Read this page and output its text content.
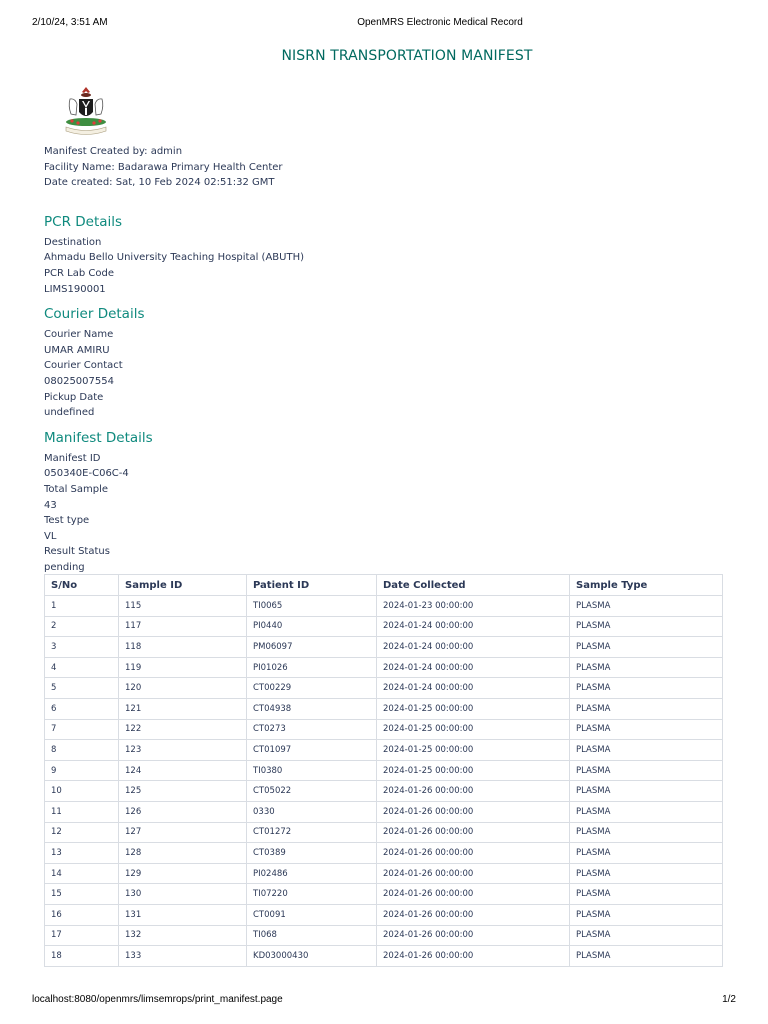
2/10/24, 3:51 AM	OpenMRS Electronic Medical Record
NISRN TRANSPORTATION MANIFEST
Manifest Created by: admin
Facility Name: Badarawa Primary Health Center
Date created: Sat, 10 Feb 2024 02:51:32 GMT
PCR Details
Destination
Ahmadu Bello University Teaching Hospital (ABUTH)
PCR Lab Code
LIMS190001
Courier Details
Courier Name
UMAR AMIRU
Courier Contact
08025007554
Pickup Date
undefined
Manifest Details
Manifest ID
050340E-C06C-4
Total Sample
43
Test type
VL
Result Status
pending
S/No	Sample ID	Patient ID	Date Collected	Sample Type
1	115	TI0065	2024-01-23 00:00:00	PLASMA
2	117	PI0440	2024-01-24 00:00:00	PLASMA
3	118	PM06097	2024-01-24 00:00:00	PLASMA
4	119	PI01026	2024-01-24 00:00:00	PLASMA
5	120	CT00229	2024-01-24 00:00:00	PLASMA
6	121	CT04938	2024-01-25 00:00:00	PLASMA
7	122	CT0273	2024-01-25 00:00:00	PLASMA
8	123	CT01097	2024-01-25 00:00:00	PLASMA
9	124	TI0380	2024-01-25 00:00:00	PLASMA
10	125	CT05022	2024-01-26 00:00:00	PLASMA
11	126	0330	2024-01-26 00:00:00	PLASMA
12	127	CT01272	2024-01-26 00:00:00	PLASMA
13	128	CT0389	2024-01-26 00:00:00	PLASMA
14	129	PI02486	2024-01-26 00:00:00	PLASMA
15	130	TI07220	2024-01-26 00:00:00	PLASMA
16	131	CT0091	2024-01-26 00:00:00	PLASMA
17	132	TI068	2024-01-26 00:00:00	PLASMA
18	133	KD03000430	2024-01-26 00:00:00	PLASMA
localhost:8080/openmrs/limsemrops/print_manifest.page	1/2
